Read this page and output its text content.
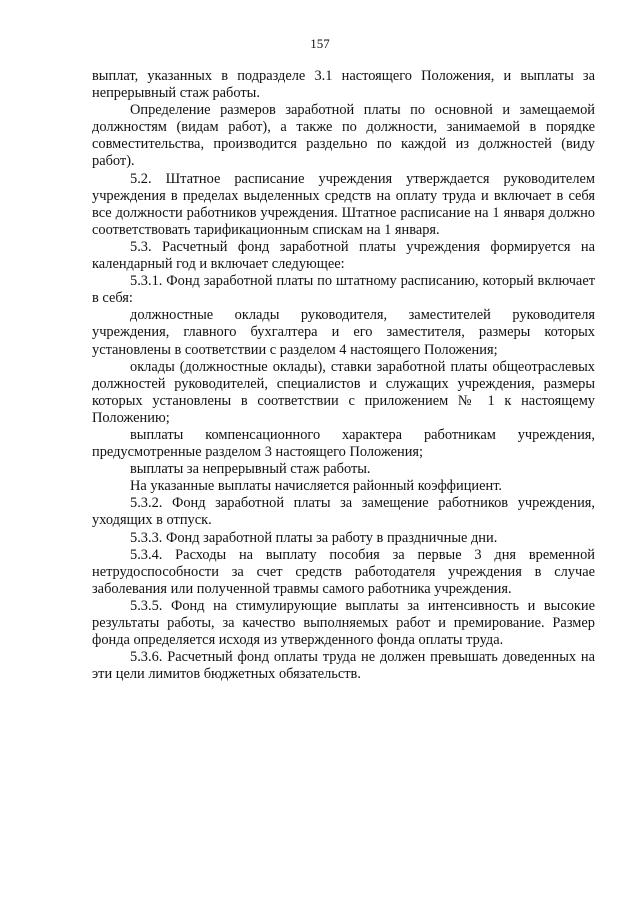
157

выплат, указанных в подразделе 3.1 настоящего Положения, и выплаты за непрерывный стаж работы.

Определение размеров заработной платы по основной и замещаемой должностям (видам работ), а также по должности, занимаемой в порядке совместительства, производится раздельно по каждой из должностей (виду работ).

5.2. Штатное расписание учреждения утверждается руководителем учреждения в пределах выделенных средств на оплату труда и включает в себя все должности работников учреждения. Штатное расписание на 1 января должно соответствовать тарификационным спискам на 1 января.

5.3. Расчетный фонд заработной платы учреждения формируется на календарный год и включает следующее:

5.3.1. Фонд заработной платы по штатному расписанию, который включает в себя:

должностные оклады руководителя, заместителей руководителя учреждения, главного бухгалтера и его заместителя, размеры которых установлены в соответствии с разделом 4 настоящего Положения;

оклады (должностные оклады), ставки заработной платы общеотраслевых должностей руководителей, специалистов и служащих учреждения, размеры которых установлены в соответствии с приложением № 1 к настоящему Положению;

выплаты компенсационного характера работникам учреждения, предусмотренные разделом 3 настоящего Положения;

выплаты за непрерывный стаж работы.

На указанные выплаты начисляется районный коэффициент.

5.3.2. Фонд заработной платы за замещение работников учреждения, уходящих в отпуск.

5.3.3. Фонд заработной платы за работу в праздничные дни.

5.3.4. Расходы на выплату пособия за первые 3 дня временной нетрудоспособности за счет средств работодателя учреждения в случае заболевания или полученной травмы самого работника учреждения.

5.3.5. Фонд на стимулирующие выплаты за интенсивность и высокие результаты работы, за качество выполняемых работ и премирование. Размер фонда определяется исходя из утвержденного фонда оплаты труда.

5.3.6. Расчетный фонд оплаты труда не должен превышать доведенных на эти цели лимитов бюджетных обязательств.
